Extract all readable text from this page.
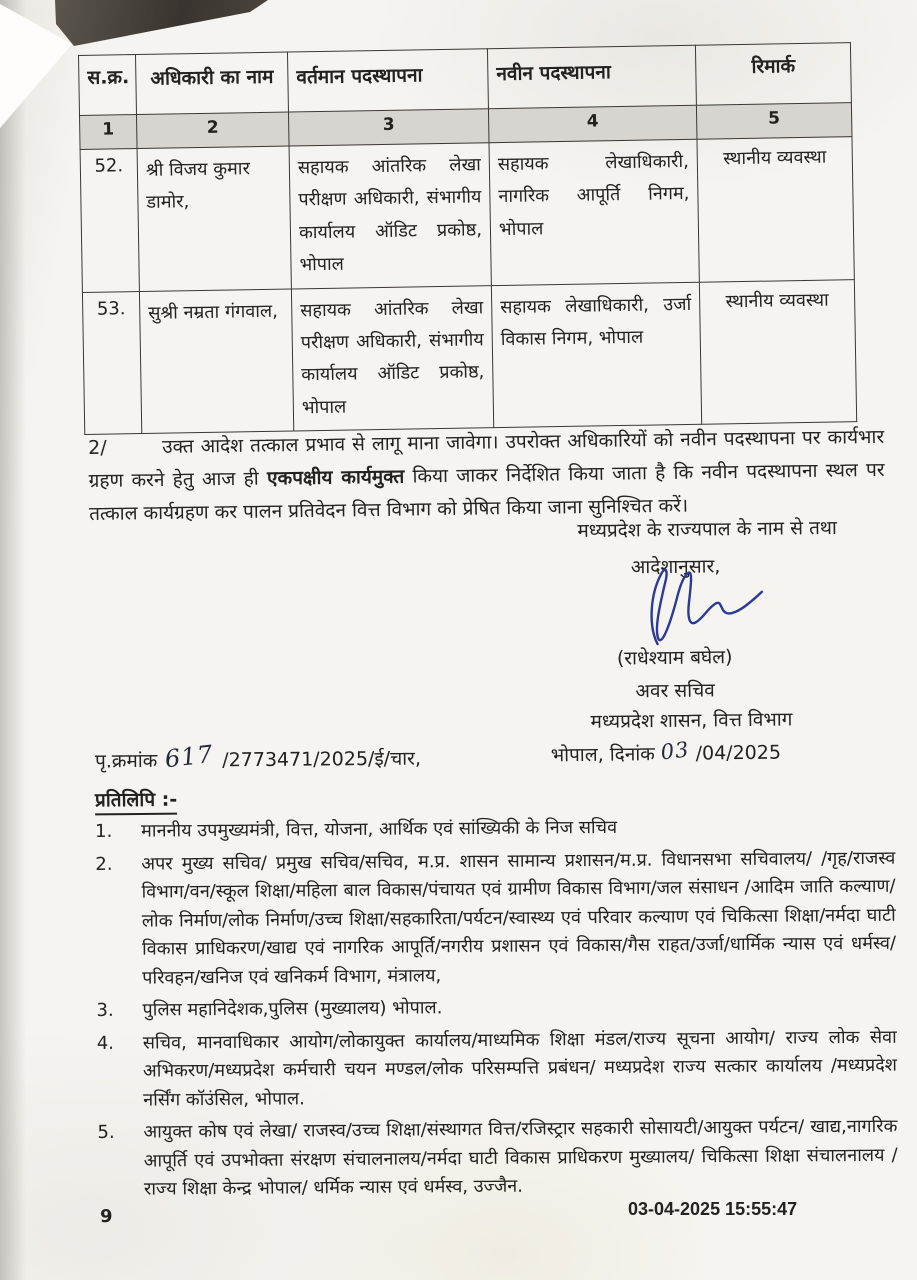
स.क्र.	अधिकारी का नाम	वर्तमान पदस्थापना	नवीन पदस्थापना	रिमार्क
1	2	3	4	5
52.	श्री विजय कुमार डामोर,	सहायक आंतरिक लेखा परीक्षण अधिकारी, संभागीय कार्यालय ऑडिट प्रकोष्ठ, भोपाल	सहायक लेखाधिकारी, नागरिक आपूर्ति निगम, भोपाल	स्थानीय व्यवस्था
53.	सुश्री नम्रता गंगवाल,	सहायक आंतरिक लेखा परीक्षण अधिकारी, संभागीय कार्यालय ऑडिट प्रकोष्ठ, भोपाल	सहायक लेखाधिकारी, उर्जा विकास निगम, भोपाल	स्थानीय व्यवस्था
2/	उक्त आदेश तत्काल प्रभाव से लागू माना जावेगा। उपरोक्त अधिकारियों को नवीन पदस्थापना पर कार्यभार ग्रहण करने हेतु आज ही एकपक्षीय कार्यमुक्त किया जाकर निर्देशित किया जाता है कि नवीन पदस्थापना स्थल पर तत्काल कार्यग्रहण कर पालन प्रतिवेदन वित्त विभाग को प्रेषित किया जाना सुनिश्चित करें।
मध्यप्रदेश के राज्यपाल के नाम से तथा
आदेशानुसार,
(राधेश्याम बघेल)
अवर सचिव
मध्यप्रदेश शासन, वित्त विभाग
भोपाल, दिनांक 03 /04/2025
पृ.क्रमांक 617 /2773471/2025/ई/चार,
प्रतिलिपि :-
1.	माननीय उपमुख्यमंत्री, वित्त, योजना, आर्थिक एवं सांख्यिकी के निज सचिव
2.	अपर मुख्य सचिव/ प्रमुख सचिव/सचिव, म.प्र. शासन सामान्य प्रशासन/म.प्र. विधानसभा सचिवालय/ /गृह/राजस्व विभाग/वन/स्कूल शिक्षा/महिला बाल विकास/पंचायत एवं ग्रामीण विकास विभाग/जल संसाधन /आदिम जाति कल्याण/लोक निर्माण/लोक निर्माण/उच्च शिक्षा/सहकारिता/पर्यटन/स्वास्थ्य एवं परिवार कल्याण एवं चिकित्सा शिक्षा/नर्मदा घाटी विकास प्राधिकरण/खाद्य एवं नागरिक आपूर्ति/नगरीय प्रशासन एवं विकास/गैस राहत/उर्जा/धार्मिक न्यास एवं धर्मस्व/परिवहन/खनिज एवं खनिकर्म विभाग, मंत्रालय,
3.	पुलिस महानिदेशक,पुलिस (मुख्यालय) भोपाल.
4.	सचिव, मानवाधिकार आयोग/लोकायुक्त कार्यालय/माध्यमिक शिक्षा मंडल/राज्य सूचना आयोग/ राज्य लोक सेवा अभिकरण/मध्यप्रदेश कर्मचारी चयन मण्डल/लोक परिसम्पत्ति प्रबंधन/ मध्यप्रदेश राज्य सत्कार कार्यालय /मध्यप्रदेश नर्सिंग कॉउंसिल, भोपाल.
5.	आयुक्त कोष एवं लेखा/ राजस्व/उच्च शिक्षा/संस्थागत वित्त/रजिस्ट्रार सहकारी सोसायटी/आयुक्त पर्यटन/ खाद्य,नागरिक आपूर्ति एवं उपभोक्ता संरक्षण संचालनालय/नर्मदा घाटी विकास प्राधिकरण मुख्यालय/ चिकित्सा शिक्षा संचालनालय / राज्य शिक्षा केन्द्र भोपाल/ धर्मिक न्यास एवं धर्मस्व, उज्जैन.
9	03-04-2025 15:55:47
